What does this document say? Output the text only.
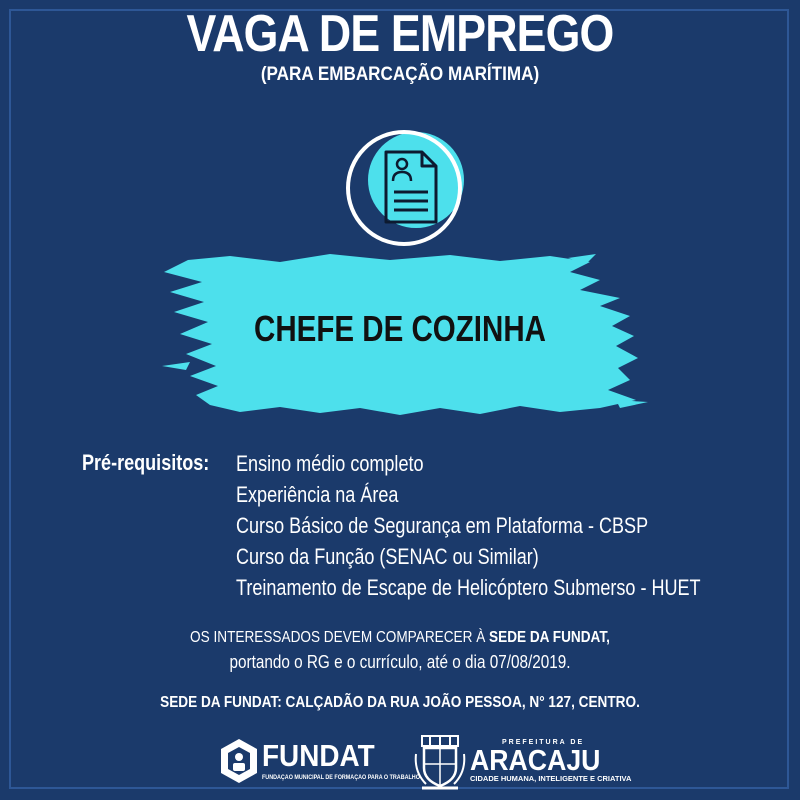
VAGA DE EMPREGO
(PARA EMBARCAÇÃO MARÍTIMA)
CHEFE DE COZINHA
Pré-requisitos: Ensino médio completo
Experiência na Área
Curso Básico de Segurança em Plataforma - CBSP
Curso da Função (SENAC ou Similar)
Treinamento de Escape de Helicóptero Submerso - HUET
OS INTERESSADOS DEVEM COMPARECER À SEDE DA FUNDAT,
portando o RG e o currículo, até o dia 07/08/2019.
SEDE DA FUNDAT: CALÇADÃO DA RUA JOÃO PESSOA, N° 127, CENTRO.
FUNDAT
FUNDAÇÃO MUNICIPAL DE FORMAÇÃO PARA O TRABALHO
PREFEITURA DE
ARACAJU
CIDADE HUMANA, INTELIGENTE E CRIATIVA
